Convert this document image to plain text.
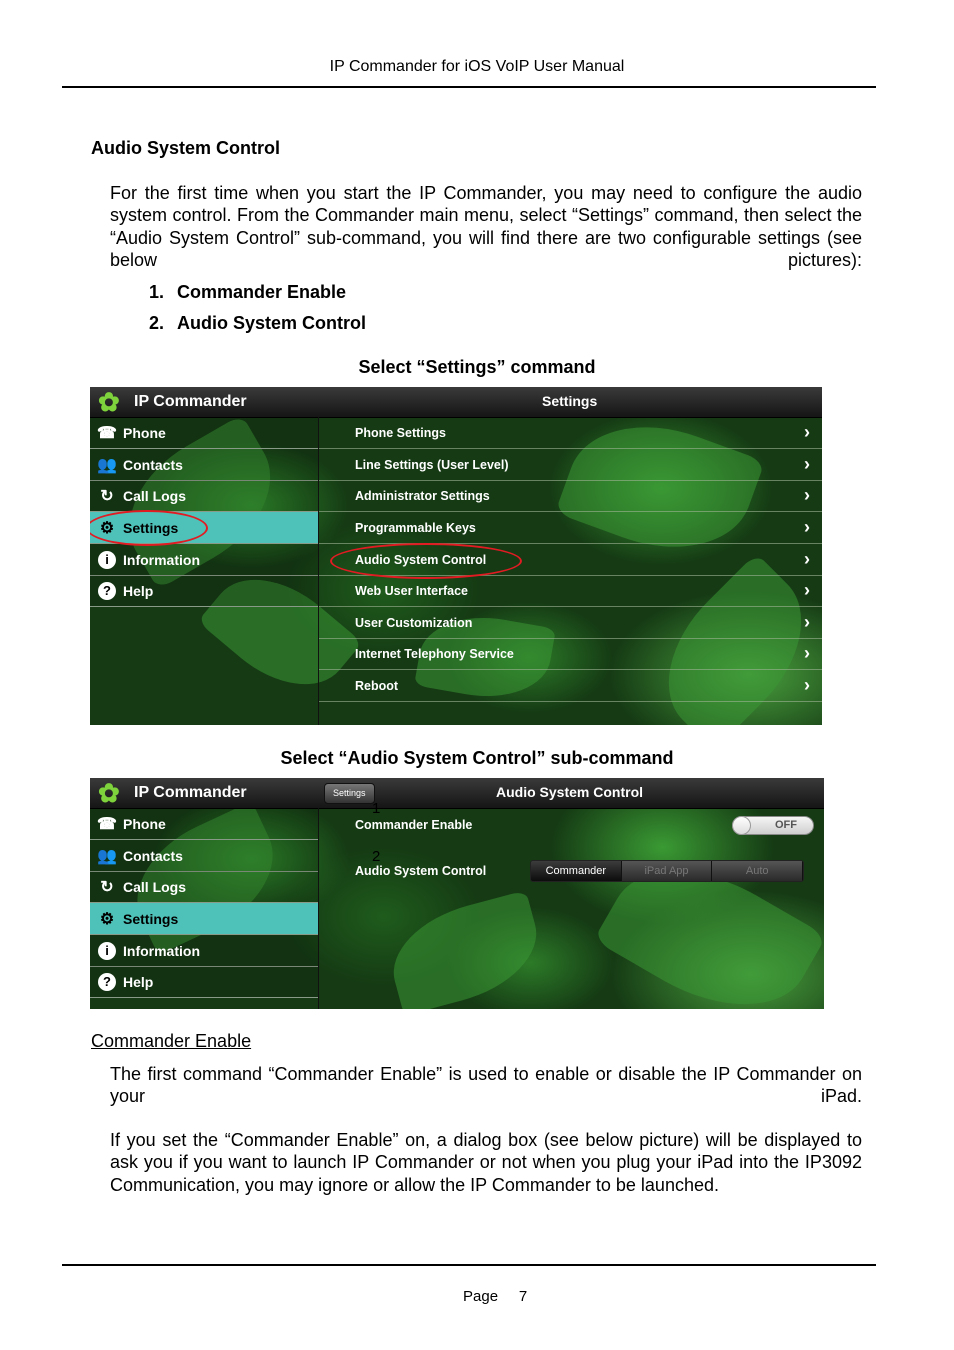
IP Commander for iOS VoIP User Manual
Audio System Control
For the first time when you start the IP Commander, you may need to configure the audio system control. From the Commander main menu, select “Settings” command, then select the “Audio System Control” sub-command, you will find there are two configurable settings (see below pictures):
1. Commander Enable
2. Audio System Control
Select “Settings” command
✿
IP Commander	Settings
☎ Phone
👥 Contacts
↻ Call Logs
⚙ Settings
i	Information
? Help
Phone Settings	›
Line Settings (User Level)	›
Administrator Settings	›
Programmable Keys	›
Audio System Control	›
Web User Interface	›
User Customization	›
Internet Telephony Service	›
Reboot	›
Select “Audio System Control” sub-command
✿
IP Commander	Settings	Audio System Control
☎ Phone
👥 Contacts
↻ Call Logs
⚙ Settings
i	Information
? Help
1
2
Commander Enable	OFF
Audio System Control	Commander	iPad App	Auto
Commander Enable
The first command “Commander Enable” is used to enable or disable the IP Commander on your iPad.
If you set the “Commander Enable” on, a dialog box (see below picture) will be displayed to ask you if you want to launch IP Commander or not when you plug your iPad into the IP3092 Communication, you may ignore or allow the IP Commander to be launched.
Page 7
